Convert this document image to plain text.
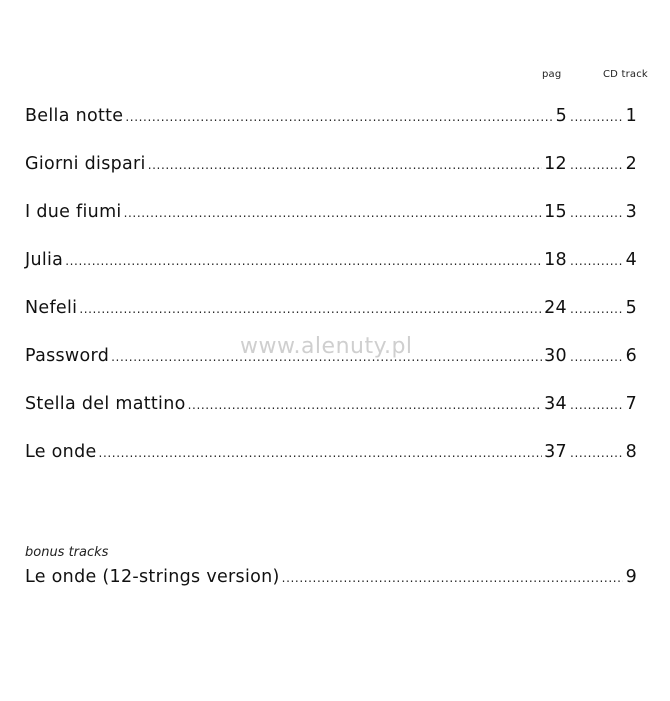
pag	CD track
Bella notte .....	5 .....	1
Giorni dispari .....	12 .....	2
I due fiumi .....	15 .....	3
Julia .....	18 .....	4
Nefeli .....	24 .....	5
Password .....	30 .....	6
Stella del mattino .....	34 .....	7
Le onde .....	37 .....	8
www.alenuty.pl
bonus tracks
Le onde (12-strings version) .....	9
